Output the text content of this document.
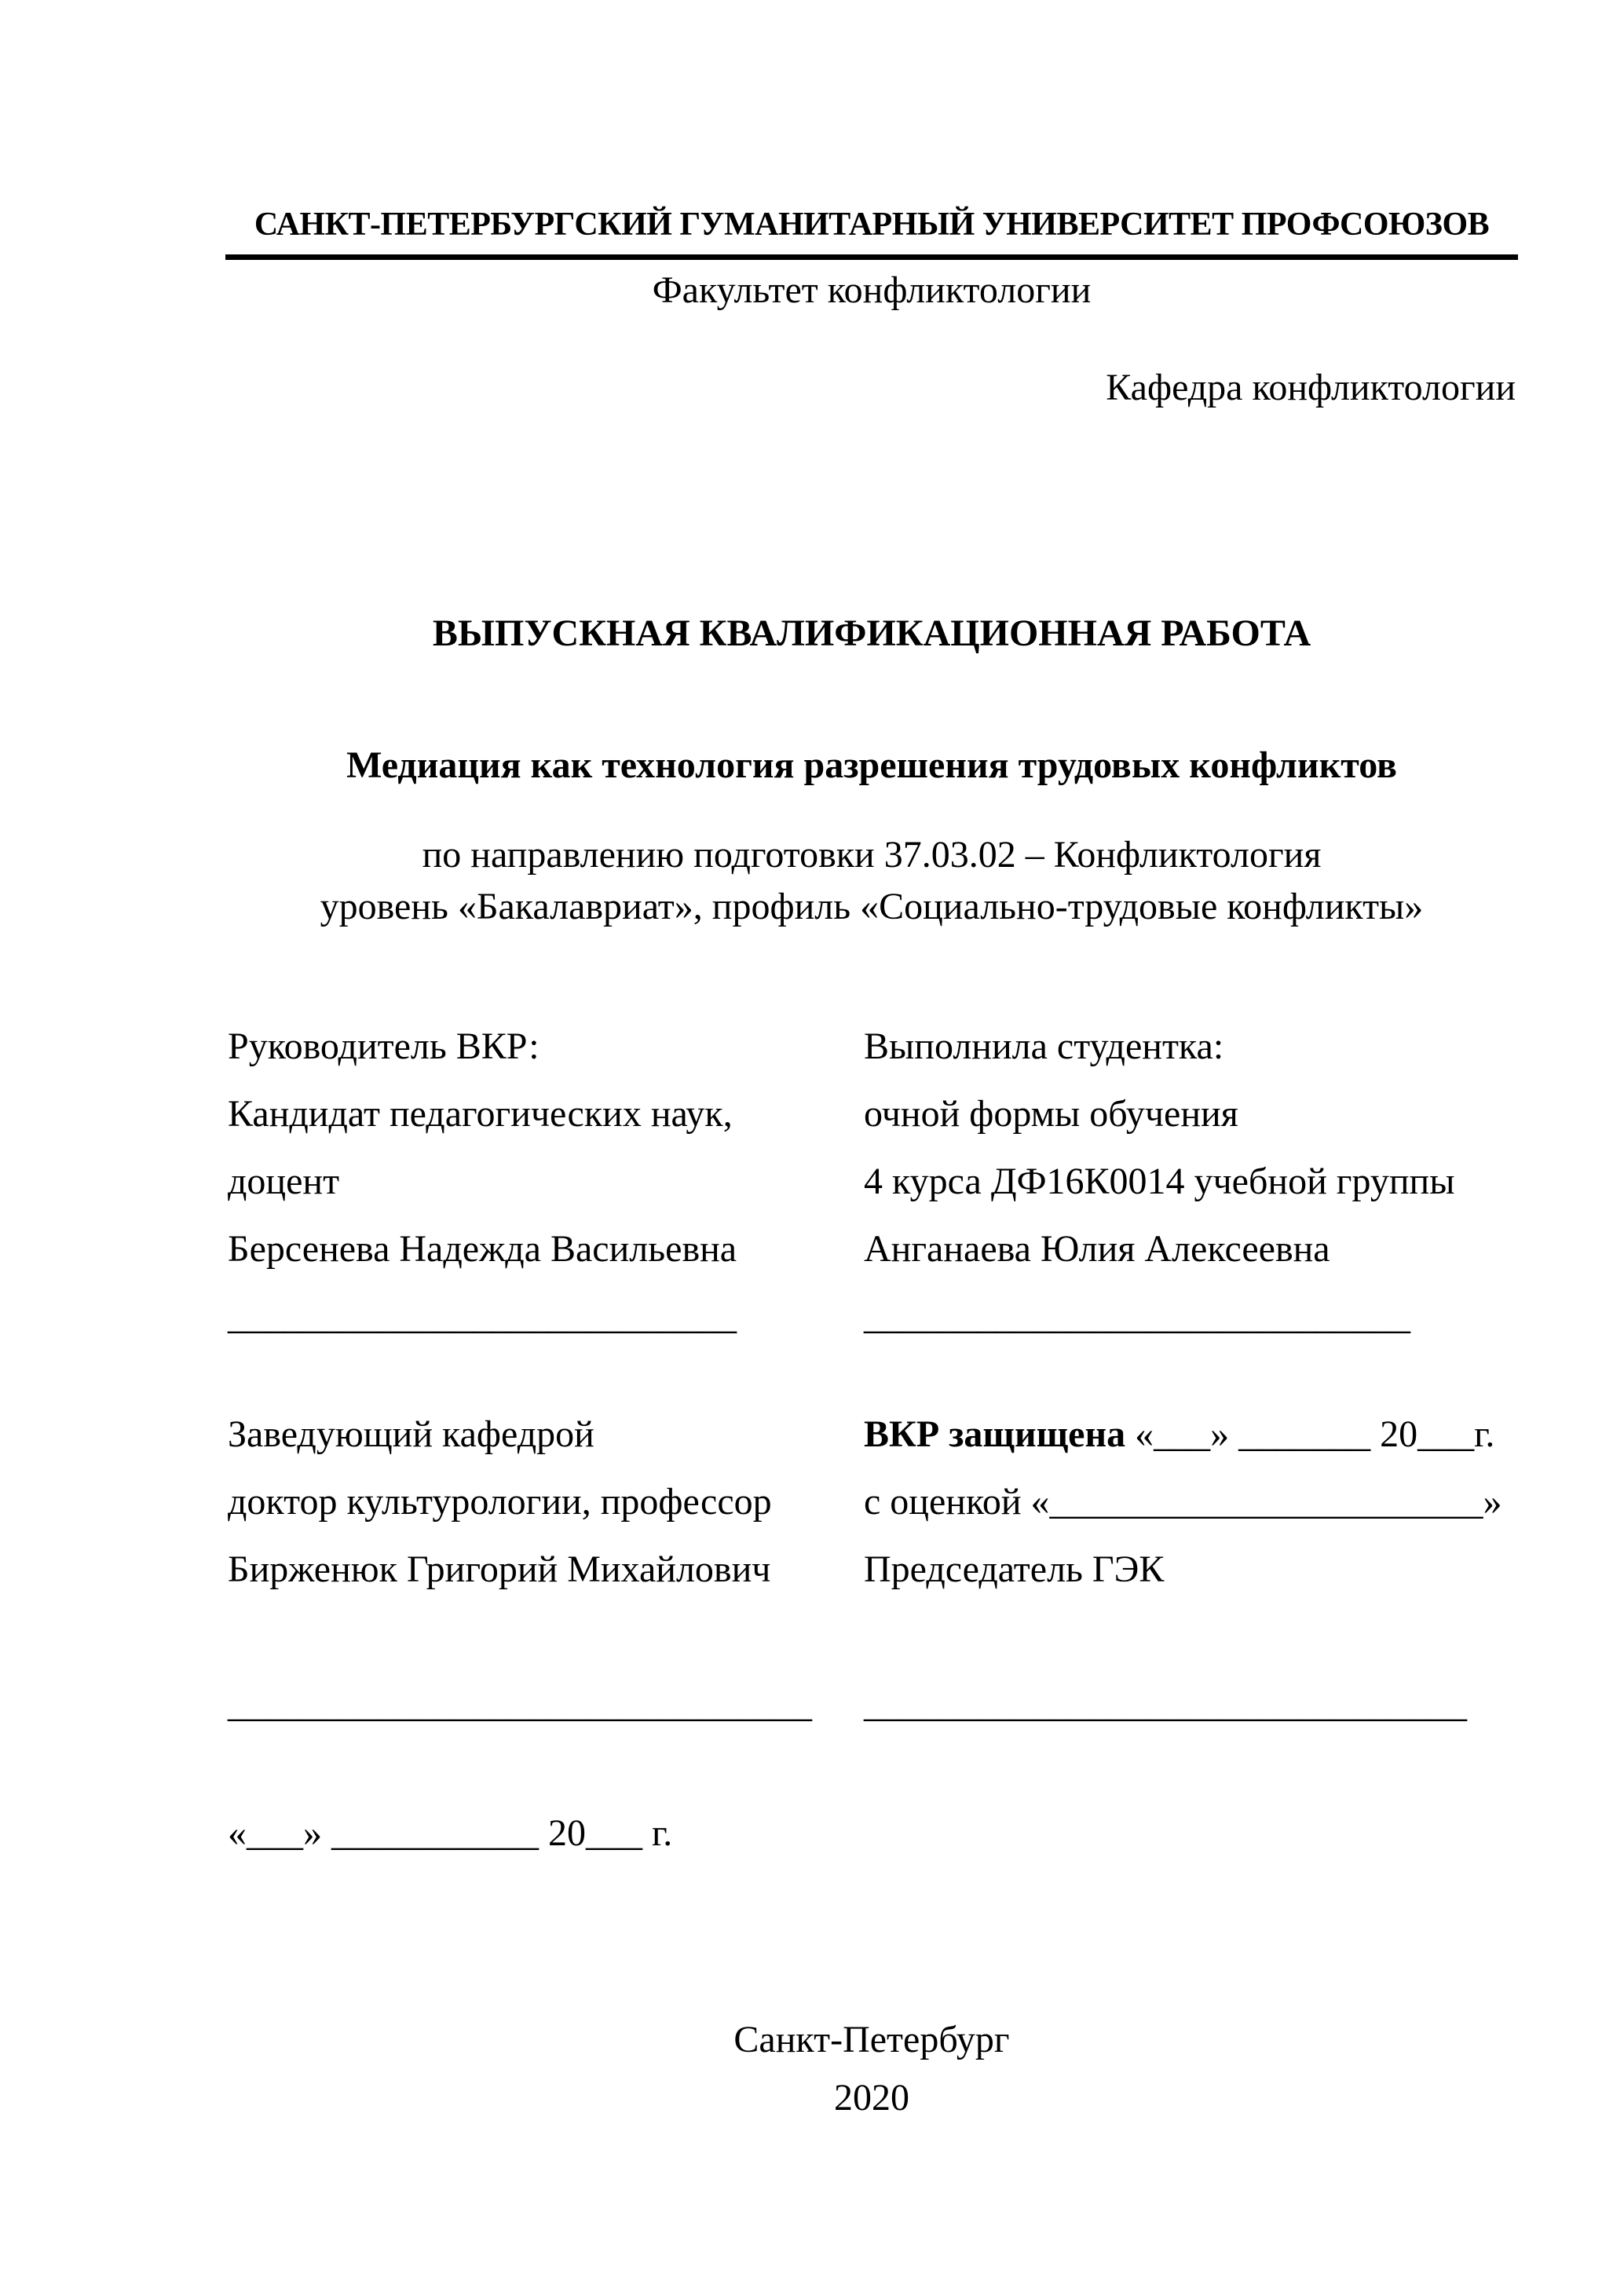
САНКТ-ПЕТЕРБУРГСКИЙ ГУМАНИТАРНЫЙ УНИВЕРСИТЕТ ПРОФСОЮЗОВ
Факультет конфликтологии
Кафедра конфликтологии
ВЫПУСКНАЯ КВАЛИФИКАЦИОННАЯ РАБОТА
Медиация как технология разрешения трудовых конфликтов
по направлению подготовки 37.03.02 – Конфликтология
уровень «Бакалавриат», профиль «Социально-трудовые конфликты»
Руководитель ВКР:
Кандидат педагогических наук,
доцент
Берсенева Надежда Васильевна
___________________________
Выполнила студентка:
очной формы обучения
4 курса ДФ16К0014 учебной группы
Анганаева Юлия Алексеевна
_____________________________
Заведующий кафедрой
доктор культурологии, профессор
Бирженюк Григорий Михайлович
_______________________________
ВКР защищена «___» _______ 20___г.
с оценкой «_______________________»
Председатель ГЭК
________________________________
«___» ___________ 20___ г.
Санкт-Петербург
2020
